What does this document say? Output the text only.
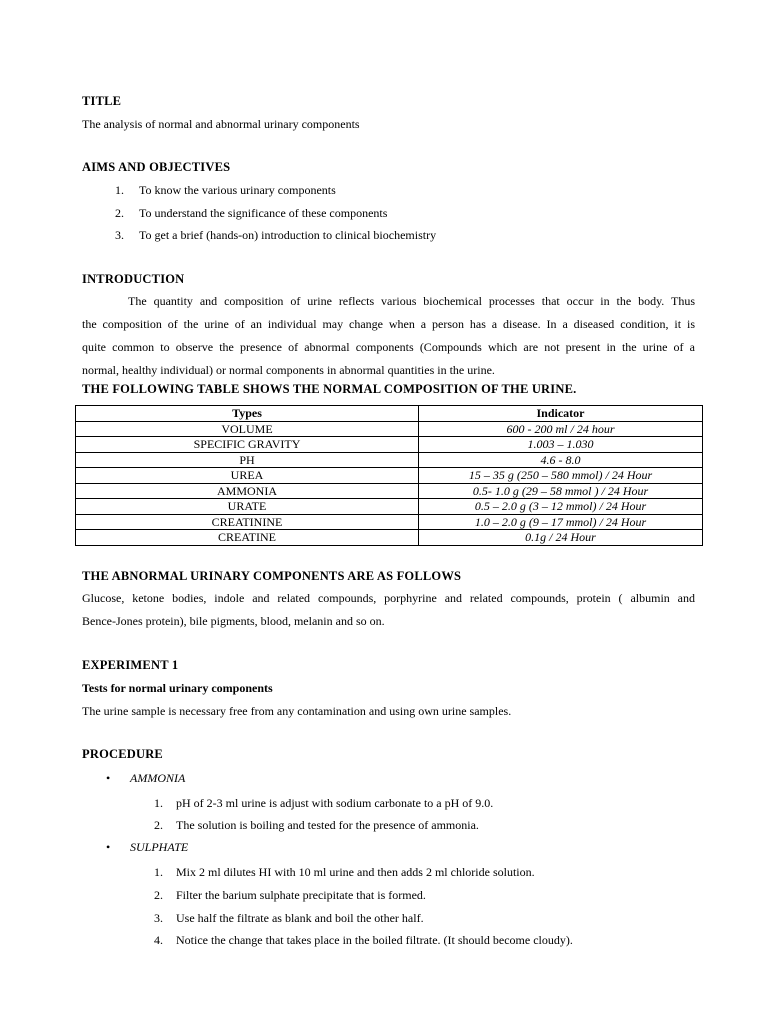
TITLE
The analysis of normal and abnormal urinary components
AIMS AND OBJECTIVES
1. To know the various urinary components
2. To understand the significance of these components
3. To get a brief (hands-on) introduction to clinical biochemistry
INTRODUCTION
The quantity and composition of urine reflects various biochemical processes that occur in the body. Thus
the composition of the urine of an individual may change when a person has a disease. In a diseased condition, it is
quite common to observe the presence of abnormal components (Compounds which are not present in the urine of a
normal, healthy individual) or normal components in abnormal quantities in the urine.
THE FOLLOWING TABLE SHOWS THE NORMAL COMPOSITION OF THE URINE.
Types	Indicator
VOLUME	600 - 200 ml / 24 hour
SPECIFIC GRAVITY	1.003 – 1.030
PH	4.6 - 8.0
UREA	15 – 35 g (250 – 580 mmol) / 24 Hour
AMMONIA	0.5- 1.0 g (29 – 58 mmol ) / 24 Hour
URATE	0.5 – 2.0 g (3 – 12 mmol) / 24 Hour
CREATININE	1.0 – 2.0 g (9 – 17 mmol) / 24 Hour
CREATINE	0.1g / 24 Hour
THE ABNORMAL URINARY COMPONENTS ARE AS FOLLOWS
Glucose, ketone bodies, indole and related compounds, porphyrine and related compounds, protein ( albumin and
Bence-Jones protein), bile pigments, blood, melanin and so on.
EXPERIMENT 1
Tests for normal urinary components
The urine sample is necessary free from any contamination and using own urine samples.
PROCEDURE
• AMMONIA
1. pH of 2-3 ml urine is adjust with sodium carbonate to a pH of 9.0.
2. The solution is boiling and tested for the presence of ammonia.
• SULPHATE
1. Mix 2 ml dilutes HI with 10 ml urine and then adds 2 ml chloride solution.
2. Filter the barium sulphate precipitate that is formed.
3. Use half the filtrate as blank and boil the other half.
4. Notice the change that takes place in the boiled filtrate. (It should become cloudy).
